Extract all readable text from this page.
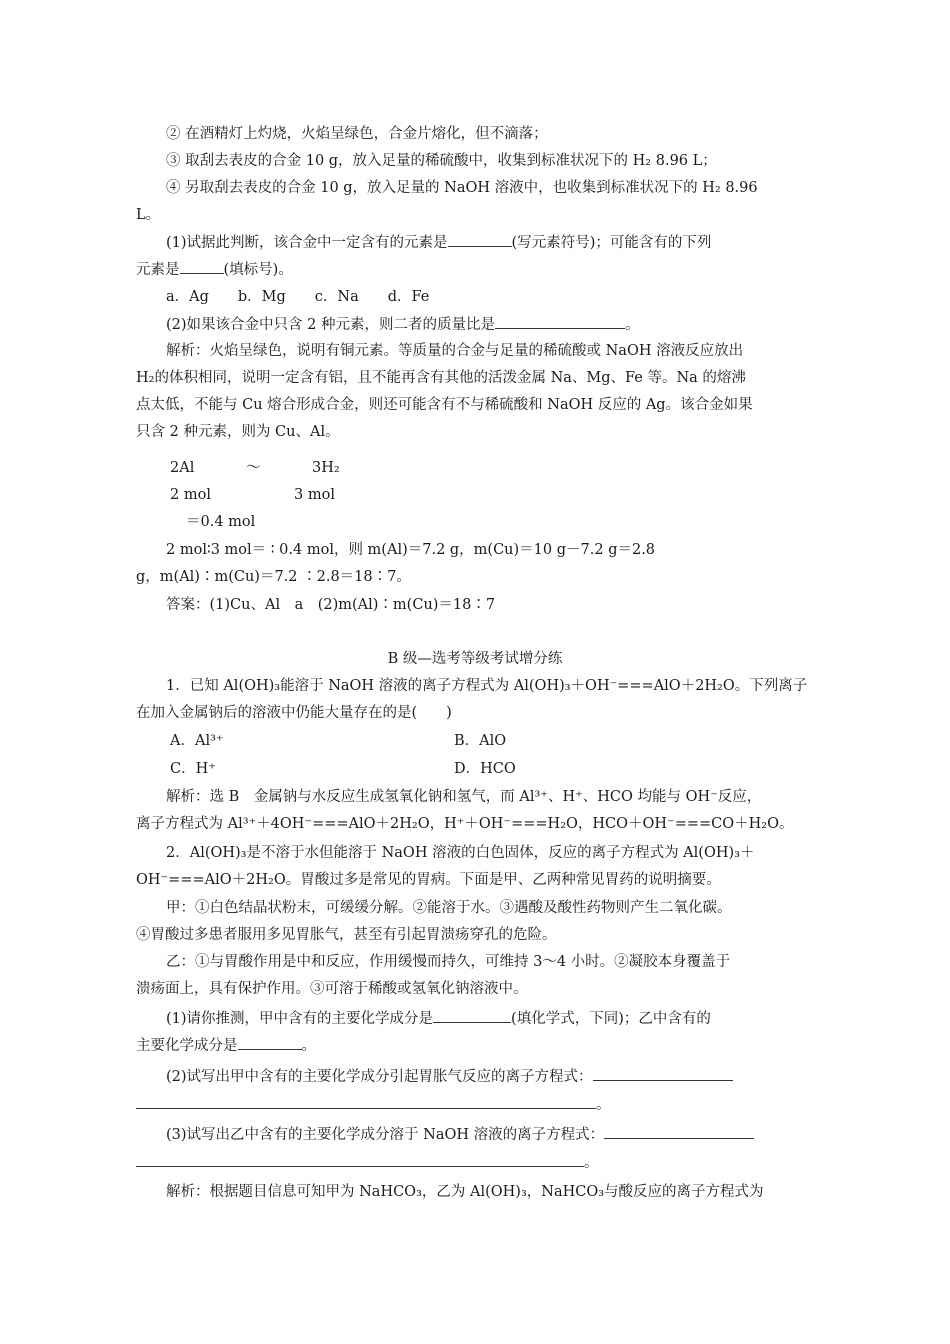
② 在酒精灯上灼烧，火焰呈绿色，合金片熔化，但不滴落；
③ 取刮去表皮的合金 10 g，放入足量的稀硫酸中，收集到标准状况下的 H₂ 8.96 L；
④ 另取刮去表皮的合金 10 g，放入足量的 NaOH 溶液中，也收集到标准状况下的 H₂ 8.96
L。
(1)试据此判断，该合金中一定含有的元素是	(写元素符号)；可能含有的下列
元素是	(填标号)。
a．Ag　　b．Mg　　c．Na　　d．Fe
(2)如果该合金中只含 2 种元素，则二者的质量比是	。
解析：火焰呈绿色，说明有铜元素。等质量的合金与足量的稀硫酸或 NaOH 溶液反应放出
H₂的体积相同，说明一定含有铝，且不能再含有其他的活泼金属 Na、Mg、Fe 等。Na 的熔沸
点太低，不能与 Cu 熔合形成合金，则还可能含有不与稀硫酸和 NaOH 反应的 Ag。该合金如果
只含 2 种元素，则为 Cu、Al。
2Al	～	3H₂
2 mol	3 mol
＝0.4 mol
2 mol∶3 mol＝ ∶ 0.4 mol，则 m(Al)＝7.2 g，m(Cu)＝10 g－7.2 g＝2.8
g，m(Al)∶m(Cu)＝7.2 ∶2.8＝18∶7。
答案：(1)Cu、Al　a　(2)m(Al)∶m(Cu)＝18∶7
B 级—选考等级考试增分练
1．已知 Al(OH)₃能溶于 NaOH 溶液的离子方程式为 Al(OH)₃＋OH⁻===AlO＋2H₂O。下列离子
在加入金属钠后的溶液中仍能大量存在的是(　　)
A．Al³⁺	B．AlO
C．H⁺	D．HCO
解析：选 B　金属钠与水反应生成氢氧化钠和氢气，而 Al³⁺、H⁺、HCO 均能与 OH⁻反应，
离子方程式为 Al³⁺＋4OH⁻===AlO＋2H₂O，H⁺＋OH⁻===H₂O，HCO＋OH⁻===CO＋H₂O。
2．Al(OH)₃是不溶于水但能溶于 NaOH 溶液的白色固体，反应的离子方程式为 Al(OH)₃＋
OH⁻===AlO＋2H₂O。胃酸过多是常见的胃病。下面是甲、乙两种常见胃药的说明摘要。
甲：①白色结晶状粉末，可缓缓分解。②能溶于水。③遇酸及酸性药物则产生二氧化碳。
④胃酸过多患者服用多见胃胀气，甚至有引起胃溃疡穿孔的危险。
乙：①与胃酸作用是中和反应，作用缓慢而持久，可维持 3～4 小时。②凝胶本身覆盖于
溃疡面上，具有保护作用。③可溶于稀酸或氢氧化钠溶液中。
(1)请你推测，甲中含有的主要化学成分是	(填化学式，下同)；乙中含有的
主要化学成分是	。
(2)试写出甲中含有的主要化学成分引起胃胀气反应的离子方程式：
。
(3)试写出乙中含有的主要化学成分溶于 NaOH 溶液的离子方程式：
。
解析：根据题目信息可知甲为 NaHCO₃，乙为 Al(OH)₃，NaHCO₃与酸反应的离子方程式为
